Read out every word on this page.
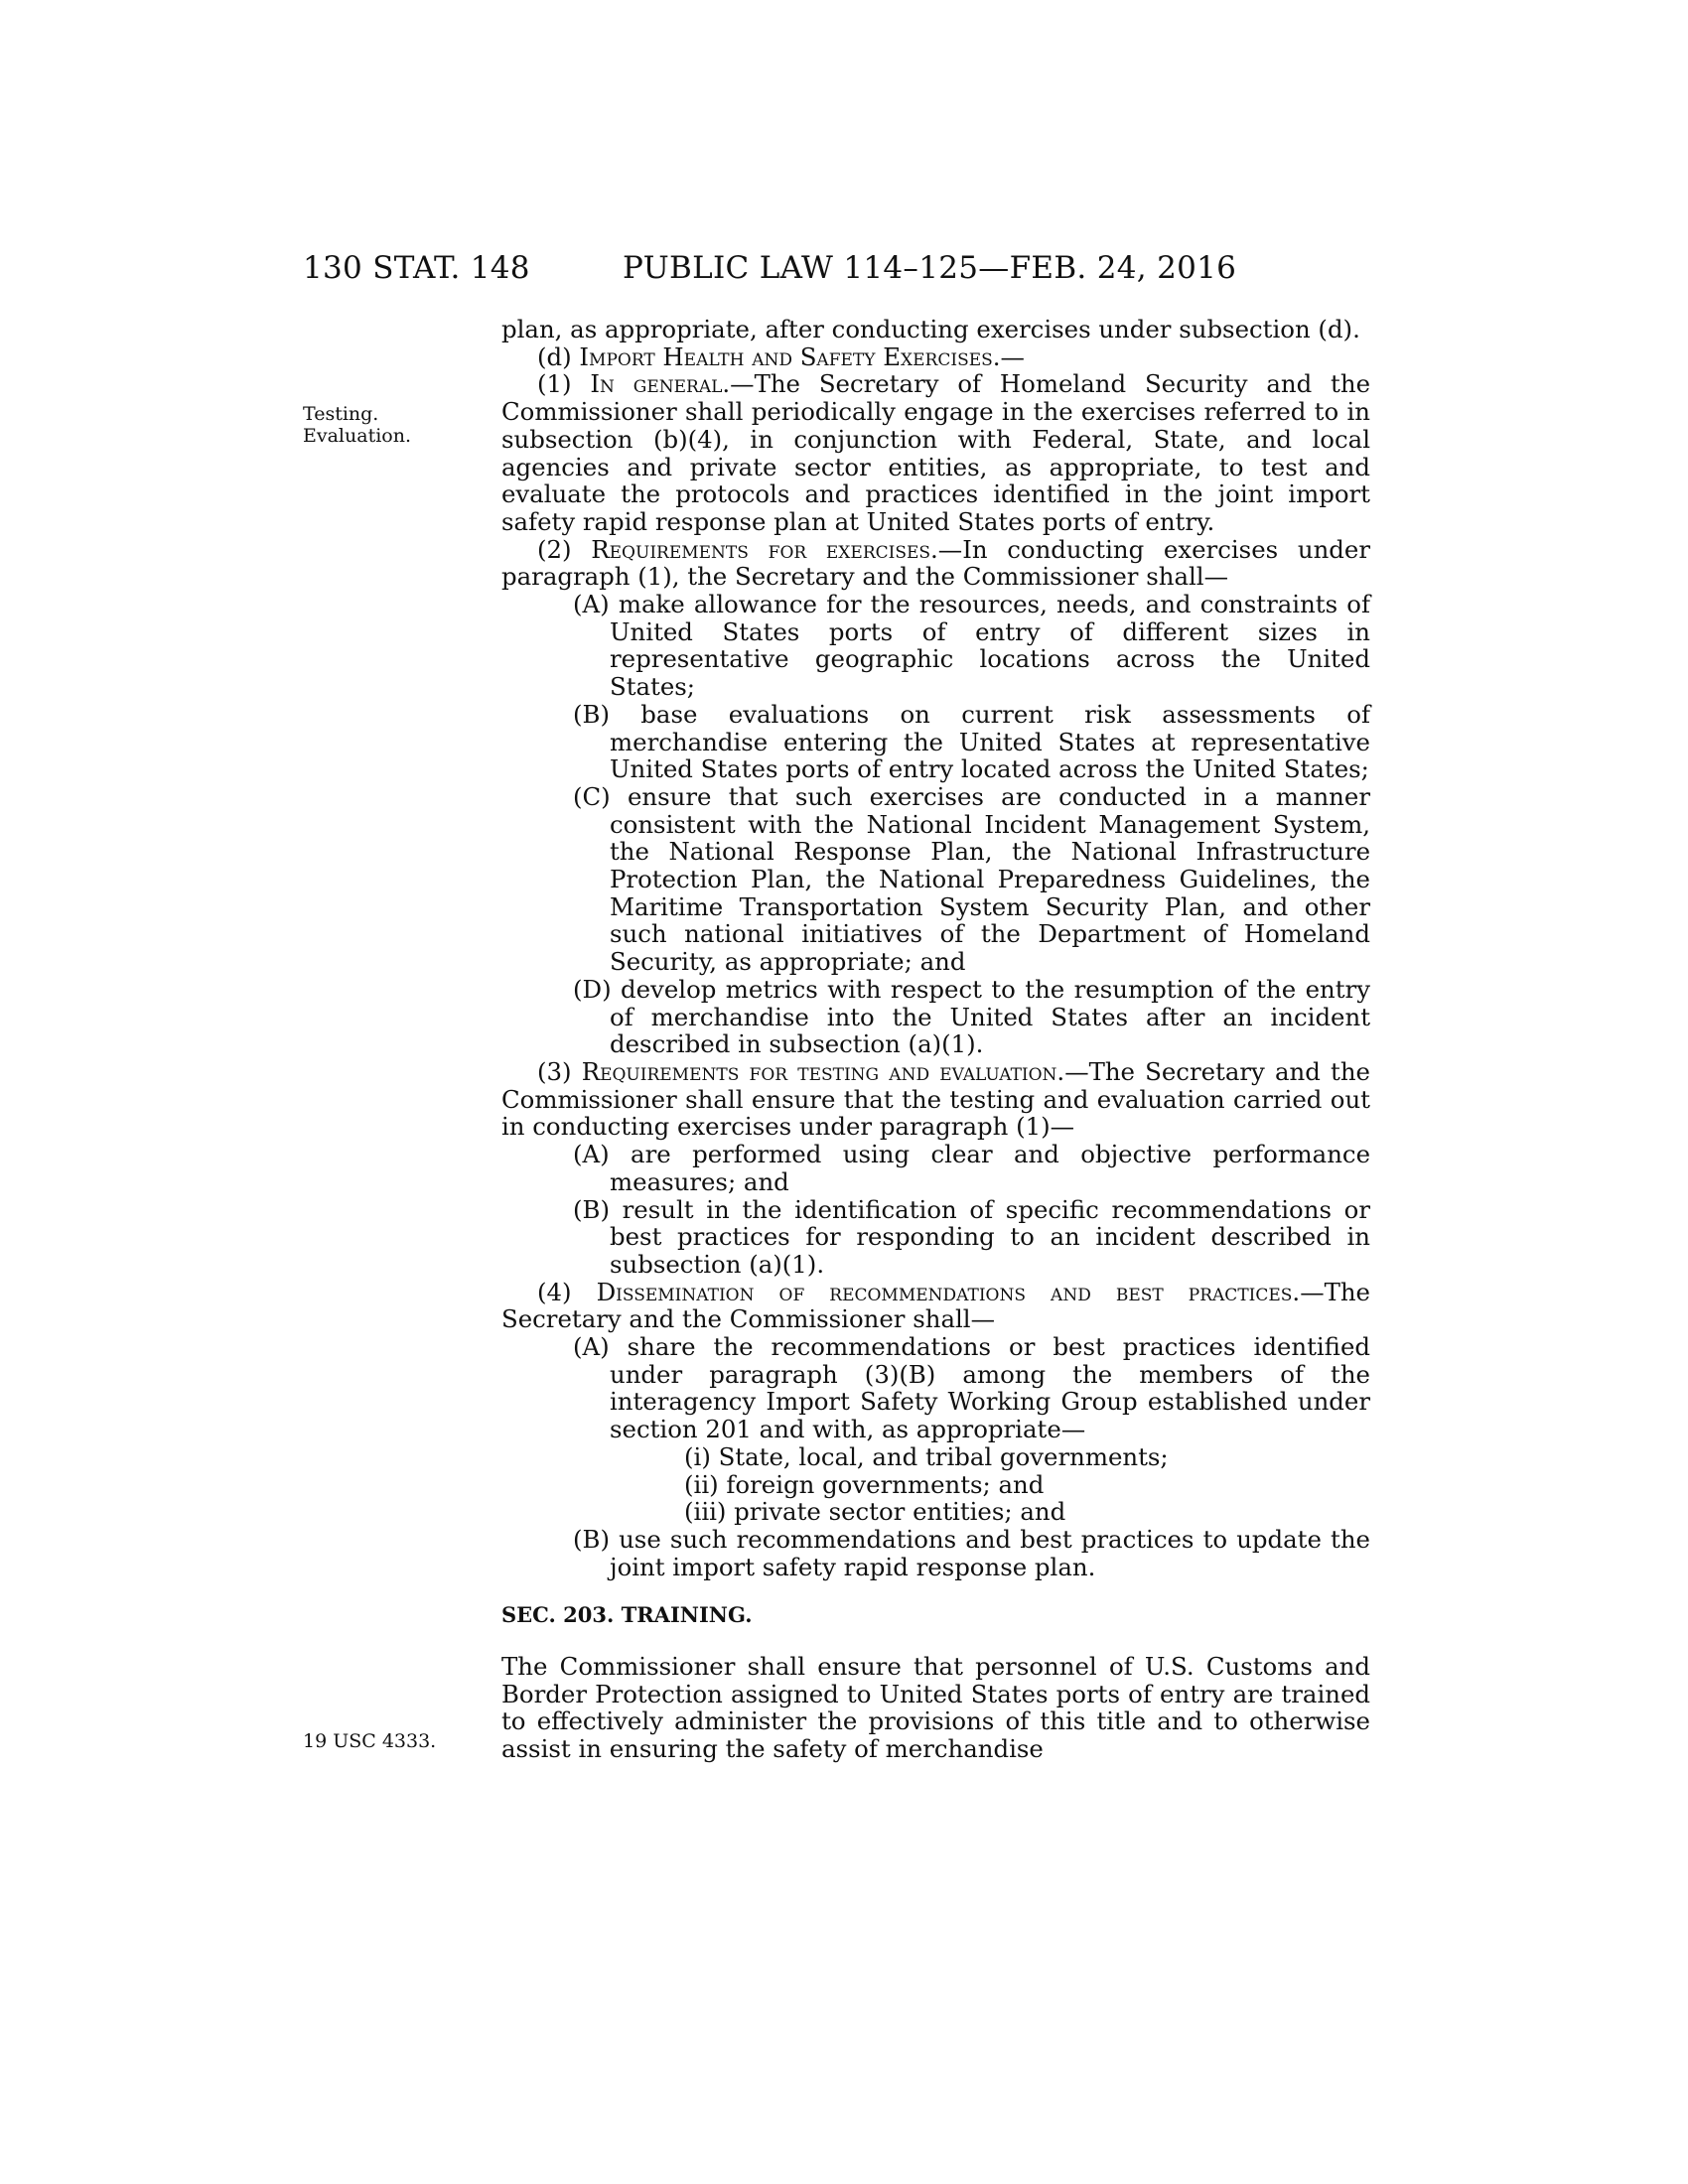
130 STAT. 148	PUBLIC LAW 114–125—FEB. 24, 2016
Testing.
Evaluation.
19 USC 4333.

plan, as appropriate, after conducting exercises under subsection (d).

(d) Import Health and Safety Exercises.—

(1) In general.—The Secretary of Homeland Security and the Commissioner shall periodically engage in the exercises referred to in subsection (b)(4), in conjunction with Federal, State, and local agencies and private sector entities, as appropriate, to test and evaluate the protocols and practices identified in the joint import safety rapid response plan at United States ports of entry.

(2) Requirements for exercises.—In conducting exercises under paragraph (1), the Secretary and the Commissioner shall—

(A) make allowance for the resources, needs, and constraints of United States ports of entry of different sizes in representative geographic locations across the United States;

(B) base evaluations on current risk assessments of merchandise entering the United States at representative United States ports of entry located across the United States;

(C) ensure that such exercises are conducted in a manner consistent with the National Incident Management System, the National Response Plan, the National Infrastructure Protection Plan, the National Preparedness Guidelines, the Maritime Transportation System Security Plan, and other such national initiatives of the Department of Homeland Security, as appropriate; and

(D) develop metrics with respect to the resumption of the entry of merchandise into the United States after an incident described in subsection (a)(1).

(3) Requirements for testing and evaluation.—The Secretary and the Commissioner shall ensure that the testing and evaluation carried out in conducting exercises under paragraph (1)—

(A) are performed using clear and objective performance measures; and

(B) result in the identification of specific recommendations or best practices for responding to an incident described in subsection (a)(1).

(4) Dissemination of recommendations and best practices.—The Secretary and the Commissioner shall—

(A) share the recommendations or best practices identified under paragraph (3)(B) among the members of the interagency Import Safety Working Group established under section 201 and with, as appropriate—

(i) State, local, and tribal governments;

(ii) foreign governments; and

(iii) private sector entities; and

(B) use such recommendations and best practices to update the joint import safety rapid response plan.

SEC. 203. TRAINING.

The Commissioner shall ensure that personnel of U.S. Customs and Border Protection assigned to United States ports of entry are trained to effectively administer the provisions of this title and to otherwise assist in ensuring the safety of merchandise
